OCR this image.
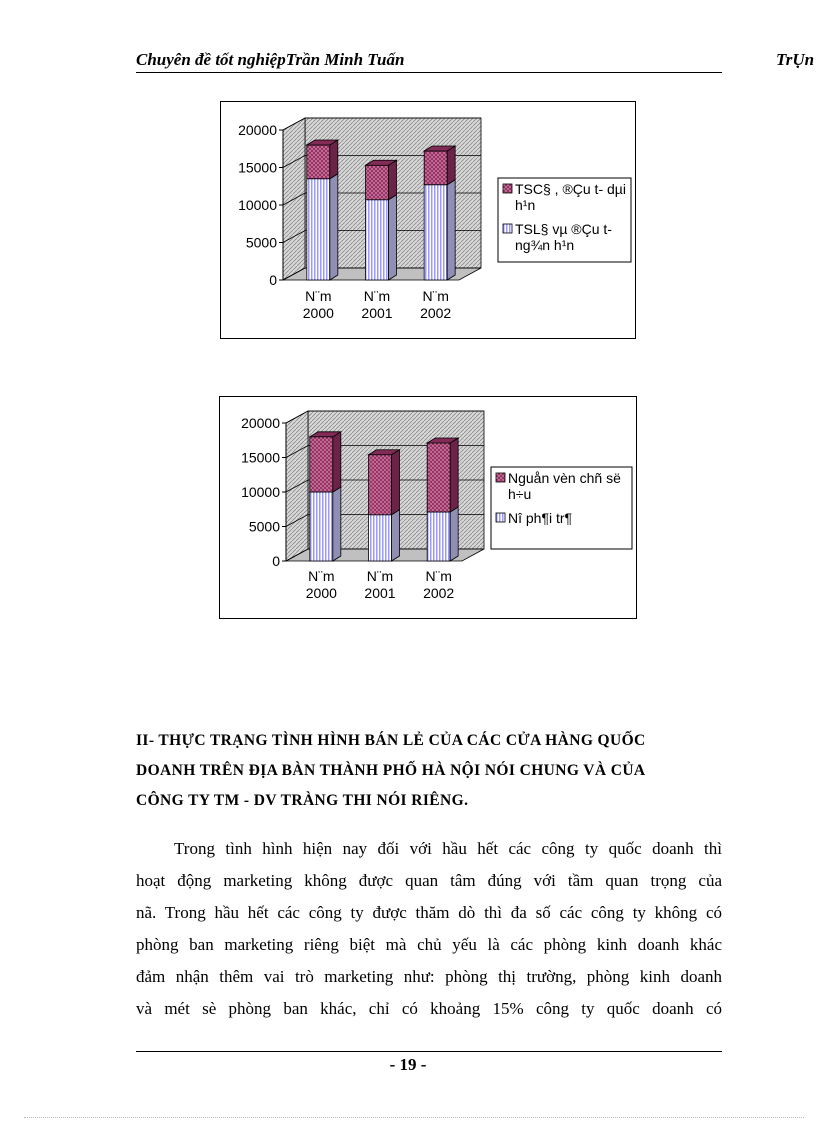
Chuyên đề tốt nghiệpTrần Minh Tuấn	TrỤn
0
5000
10000
15000
20000
N¨m
2000
N¨m
2001
N¨m
2002
TSC§ , ®Çu t- dµi
h¹n
TSL§ vµ ®Çu t-
ng¾n h¹n
0
5000
10000
15000
20000
N¨m
2000
N¨m
2001
N¨m
2002
Nguån vèn chñ së
h÷u
Nî ph¶i tr¶
II- THỰC TRẠNG TÌNH HÌNH BÁN LẺ CỦA CÁC CỬA HÀNG QUỐC
DOANH TRÊN ĐỊA BÀN THÀNH PHỐ HÀ NỘI NÓI CHUNG VÀ CỦA
CÔNG TY TM - DV TRÀNG THI NÓI RIÊNG.
Trong tình hình hiện nay đối với hầu hết các công ty quốc doanh thì
hoạt động marketing không được quan tâm đúng với tầm quan trọng của
nã. Trong hầu hết các công ty được thăm dò thì đa số các công ty không có
phòng ban marketing riêng biệt mà chủ yếu là các phòng kinh doanh khác
đảm nhận thêm vai trò marketing như: phòng thị trường, phòng kinh doanh
và mét sè phòng ban khác, chỉ có khoảng 15% công ty quốc doanh có
- 19 -
